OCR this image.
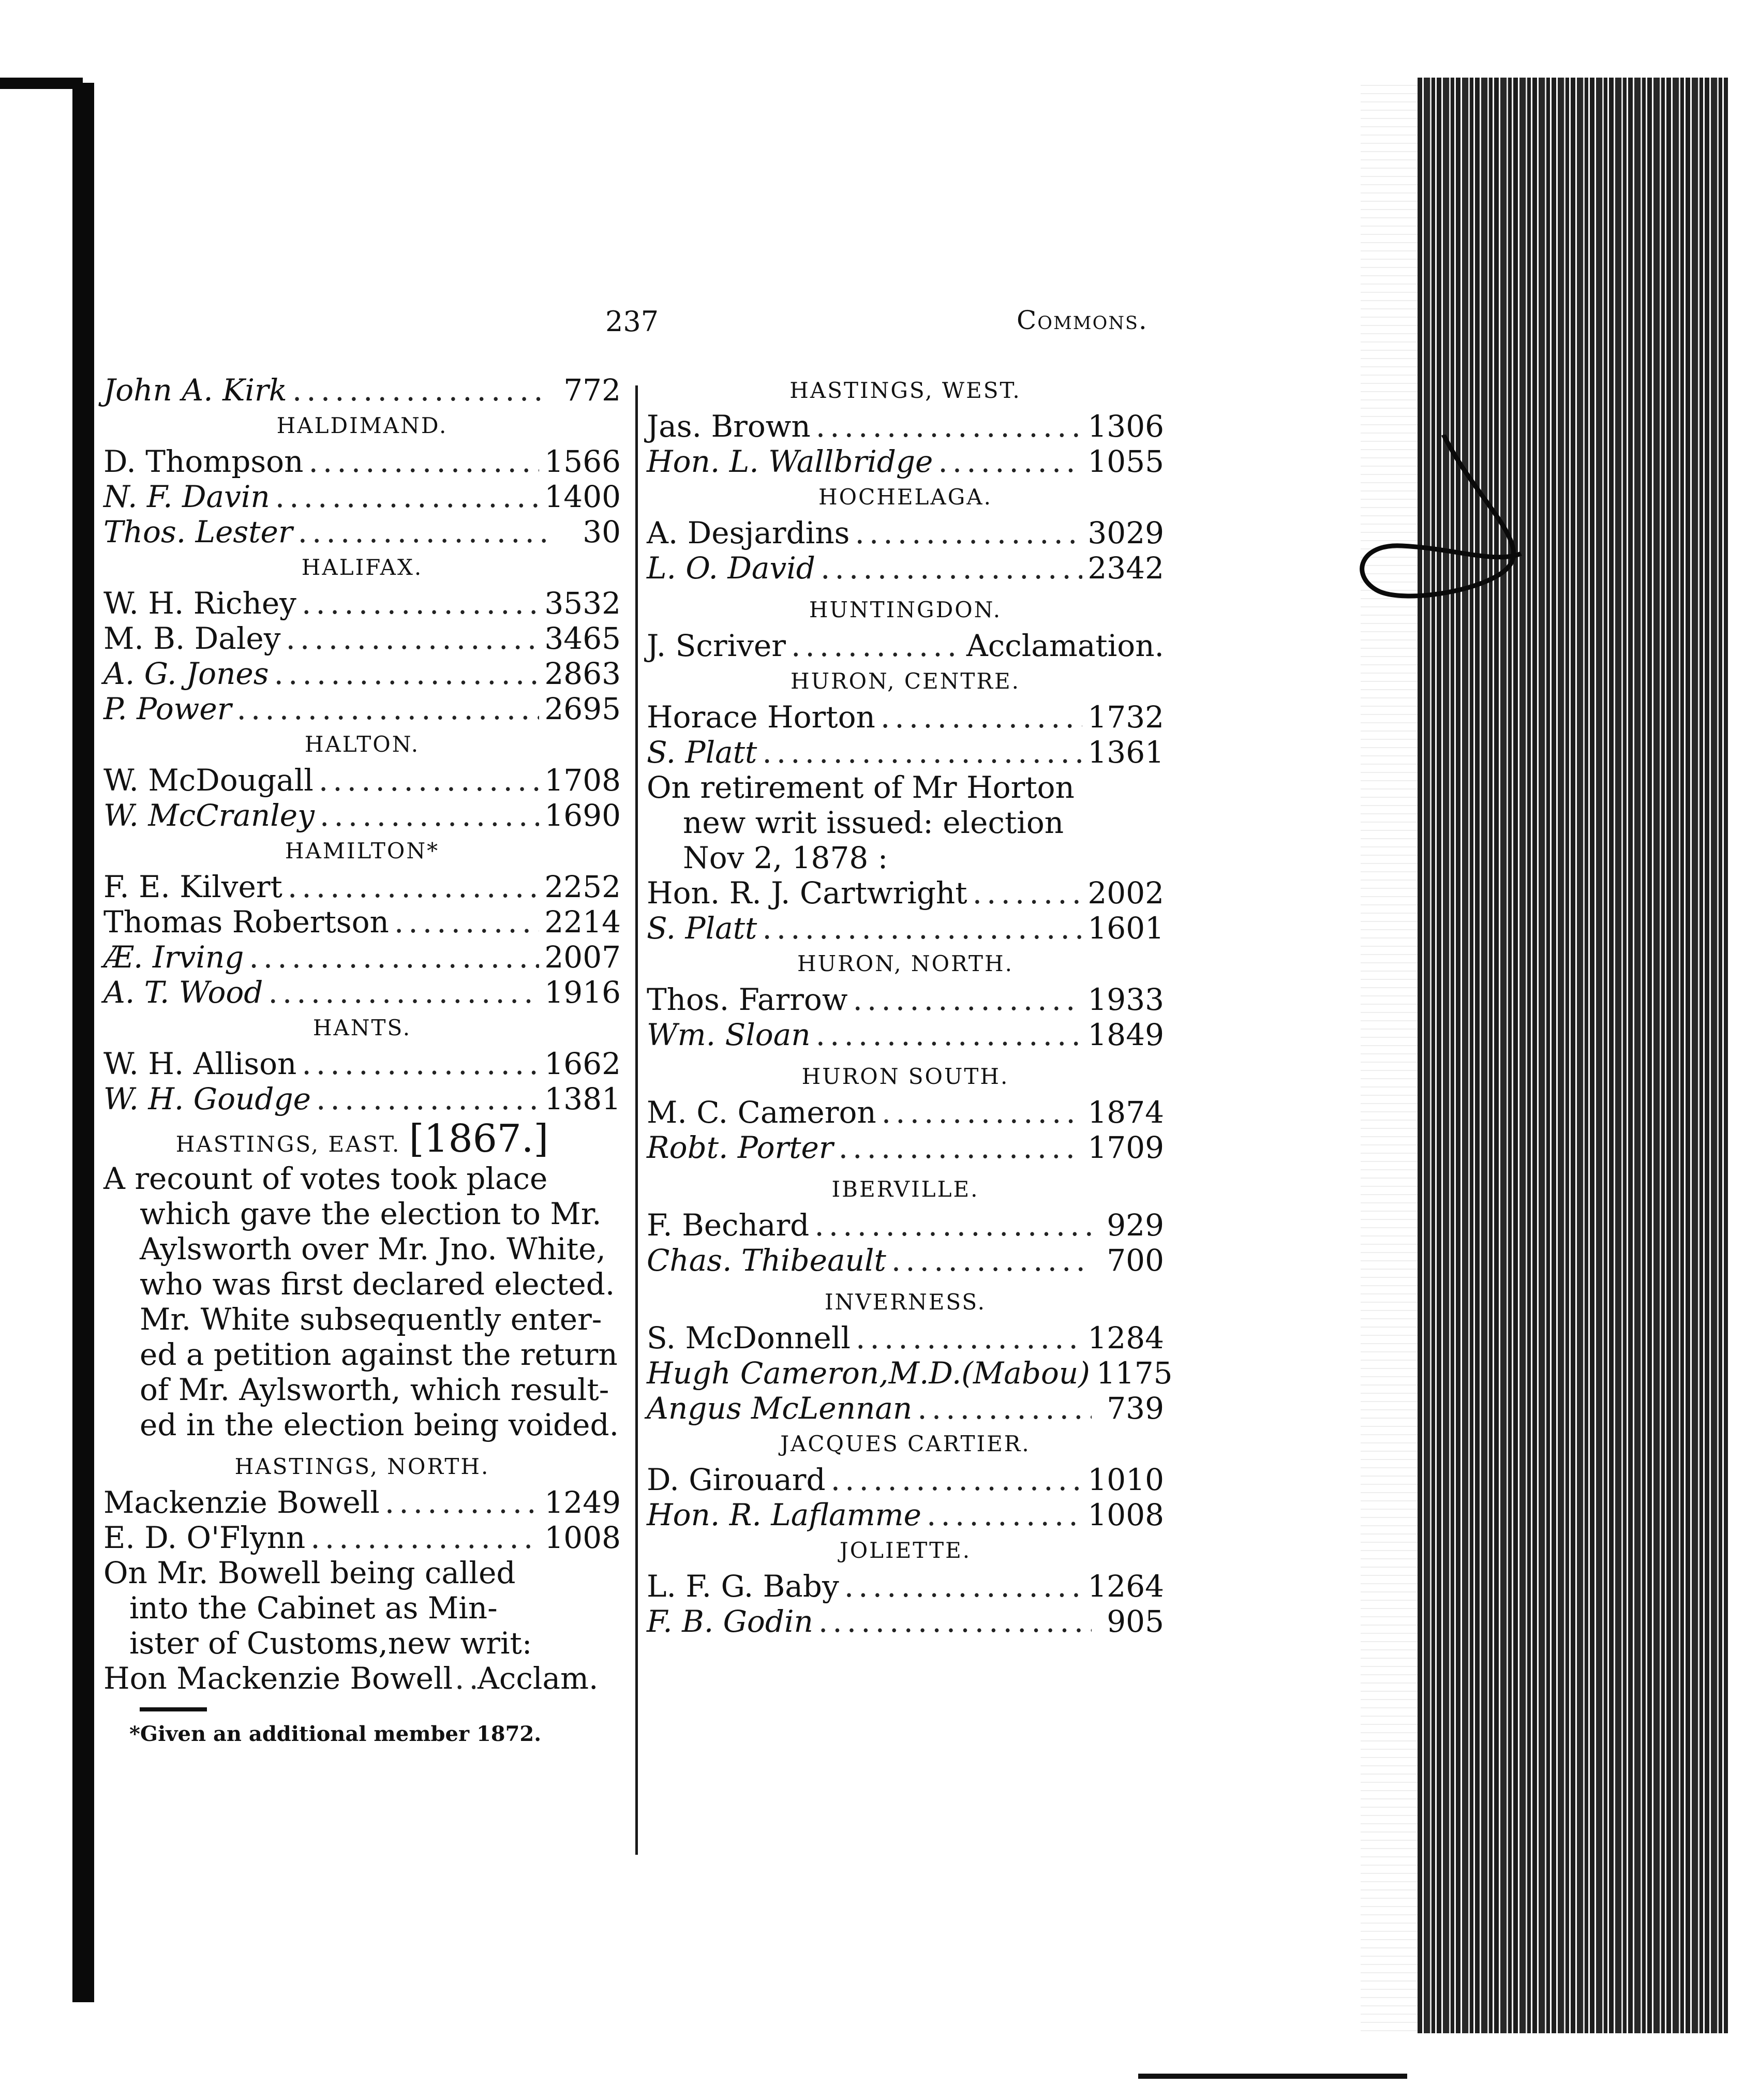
237	Commons.
John A. Kirk .....	772
HALDIMAND.
D. Thompson .....	1566
N. F. Davin .....	1400
Thos. Lester .....	30
HALIFAX.
W. H. Richey .....	3532
M. B. Daley .....	3465
A. G. Jones .....	2863
P. Power .....	2695
HALTON.
W. McDougall .....	1708
W. McCranley .....	1690
HAMILTON*
F. E. Kilvert .....	2252
Thomas Robertson .....	2214
Æ. Irving .....	2007
A. T. Wood .....	1916
HANTS.
W. H. Allison .....	1662
W. H. Goudge .....	1381
HASTINGS, EAST. [1867.]

A recount of votes took place

which gave the election to Mr.

Aylsworth over Mr. Jno. White,

who was first declared elected.

Mr. White subsequently enter-

ed a petition against the return

of Mr. Aylsworth, which result-

ed in the election being voided.

HASTINGS, NORTH.
Mackenzie Bowell .....	1249
E. D. O'Flynn .....	1008

On Mr. Bowell being called

into the Cabinet as Min-

ister of Customs,new writ:

Hon Mackenzie Bowell ..... Acclam.

*Given an additional member 1872.

HASTINGS, WEST.
Jas. Brown .....	1306
Hon. L. Wallbridge .....	1055
HOCHELAGA.
A. Desjardins .....	3029
L. O. David .....	2342
HUNTINGDON.
J. Scriver .....	Acclamation.
HURON, CENTRE.
Horace Horton .....	1732
S. Platt .....	1361

On retirement of Mr Horton

new writ issued: election

Nov 2, 1878 :

Hon. R. J. Cartwright .....	2002
S. Platt .....	1601
HURON, NORTH.
Thos. Farrow .....	1933
Wm. Sloan .....	1849
HURON SOUTH.
M. C. Cameron .....	1874
Robt. Porter .....	1709
IBERVILLE.
F. Bechard .....	929
Chas. Thibeault .....	700
INVERNESS.
S. McDonnell .....	1284
Hugh Cameron,M.D.(Mabou) 1175
Angus McLennan .....	739
JACQUES CARTIER.
D. Girouard .....	1010
Hon. R. Laflamme .....	1008
JOLIETTE.
L. F. G. Baby .....	1264
F. B. Godin .....	905
